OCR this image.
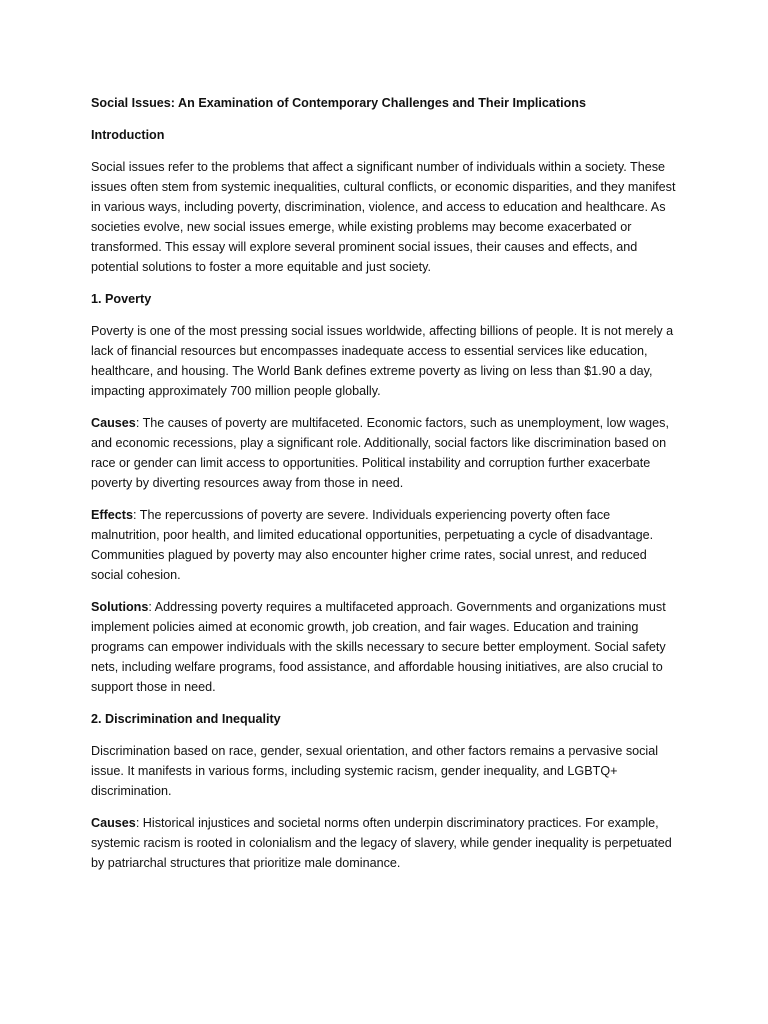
Social Issues: An Examination of Contemporary Challenges and Their Implications

Introduction

Social issues refer to the problems that affect a significant number of individuals within a society. These issues often stem from systemic inequalities, cultural conflicts, or economic disparities, and they manifest in various ways, including poverty, discrimination, violence, and access to education and healthcare. As societies evolve, new social issues emerge, while existing problems may become exacerbated or transformed. This essay will explore several prominent social issues, their causes and effects, and potential solutions to foster a more equitable and just society.

1. Poverty

Poverty is one of the most pressing social issues worldwide, affecting billions of people. It is not merely a lack of financial resources but encompasses inadequate access to essential services like education, healthcare, and housing. The World Bank defines extreme poverty as living on less than $1.90 a day, impacting approximately 700 million people globally.

Causes: The causes of poverty are multifaceted. Economic factors, such as unemployment, low wages, and economic recessions, play a significant role. Additionally, social factors like discrimination based on race or gender can limit access to opportunities. Political instability and corruption further exacerbate poverty by diverting resources away from those in need.

Effects: The repercussions of poverty are severe. Individuals experiencing poverty often face malnutrition, poor health, and limited educational opportunities, perpetuating a cycle of disadvantage. Communities plagued by poverty may also encounter higher crime rates, social unrest, and reduced social cohesion.

Solutions: Addressing poverty requires a multifaceted approach. Governments and organizations must implement policies aimed at economic growth, job creation, and fair wages. Education and training programs can empower individuals with the skills necessary to secure better employment. Social safety nets, including welfare programs, food assistance, and affordable housing initiatives, are also crucial to support those in need.

2. Discrimination and Inequality

Discrimination based on race, gender, sexual orientation, and other factors remains a pervasive social issue. It manifests in various forms, including systemic racism, gender inequality, and LGBTQ+ discrimination.

Causes: Historical injustices and societal norms often underpin discriminatory practices. For example, systemic racism is rooted in colonialism and the legacy of slavery, while gender inequality is perpetuated by patriarchal structures that prioritize male dominance.
